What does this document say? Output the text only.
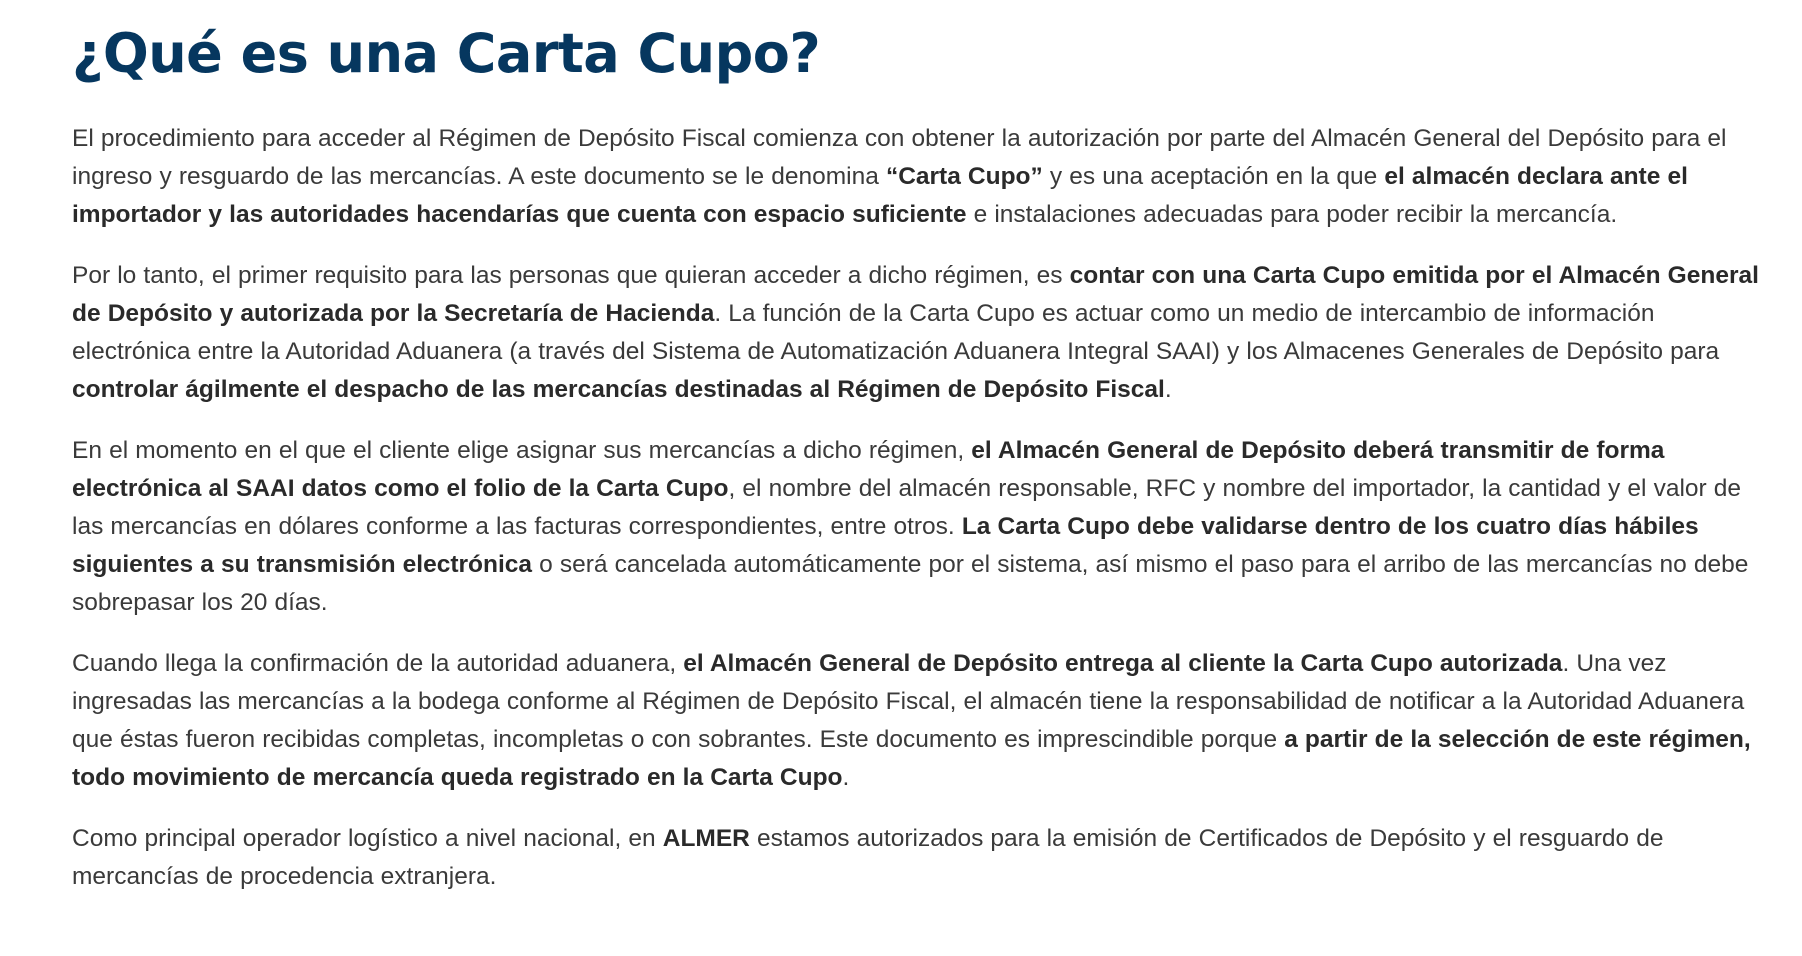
¿Qué es una Carta Cupo?

El procedimiento para acceder al Régimen de Depósito Fiscal comienza con obtener la autorización por parte del Almacén General del Depósito para el ingreso y resguardo de las mercancías. A este documento se le denomina “Carta Cupo” y es una aceptación en la que el almacén declara ante el importador y las autoridades hacendarías que cuenta con espacio suficiente e instalaciones adecuadas para poder recibir la mercancía.

Por lo tanto, el primer requisito para las personas que quieran acceder a dicho régimen, es contar con una Carta Cupo emitida por el Almacén General de Depósito y autorizada por la Secretaría de Hacienda. La función de la Carta Cupo es actuar como un medio de intercambio de información electrónica entre la Autoridad Aduanera (a través del Sistema de Automatización Aduanera Integral SAAI) y los Almacenes Generales de Depósito para controlar ágilmente el despacho de las mercancías destinadas al Régimen de Depósito Fiscal.

En el momento en el que el cliente elige asignar sus mercancías a dicho régimen, el Almacén General de Depósito deberá transmitir de forma electrónica al SAAI datos como el folio de la Carta Cupo, el nombre del almacén responsable, RFC y nombre del importador, la cantidad y el valor de las mercancías en dólares conforme a las facturas correspondientes, entre otros. La Carta Cupo debe validarse dentro de los cuatro días hábiles siguientes a su transmisión electrónica o será cancelada automáticamente por el sistema, así mismo el paso para el arribo de las mercancías no debe sobrepasar los 20 días.

Cuando llega la confirmación de la autoridad aduanera, el Almacén General de Depósito entrega al cliente la Carta Cupo autorizada. Una vez ingresadas las mercancías a la bodega conforme al Régimen de Depósito Fiscal, el almacén tiene la responsabilidad de notificar a la Autoridad Aduanera que éstas fueron recibidas completas, incompletas o con sobrantes. Este documento es imprescindible porque a partir de la selección de este régimen, todo movimiento de mercancía queda registrado en la Carta Cupo.

Como principal operador logístico a nivel nacional, en ALMER estamos autorizados para la emisión de Certificados de Depósito y el resguardo de mercancías de procedencia extranjera.
